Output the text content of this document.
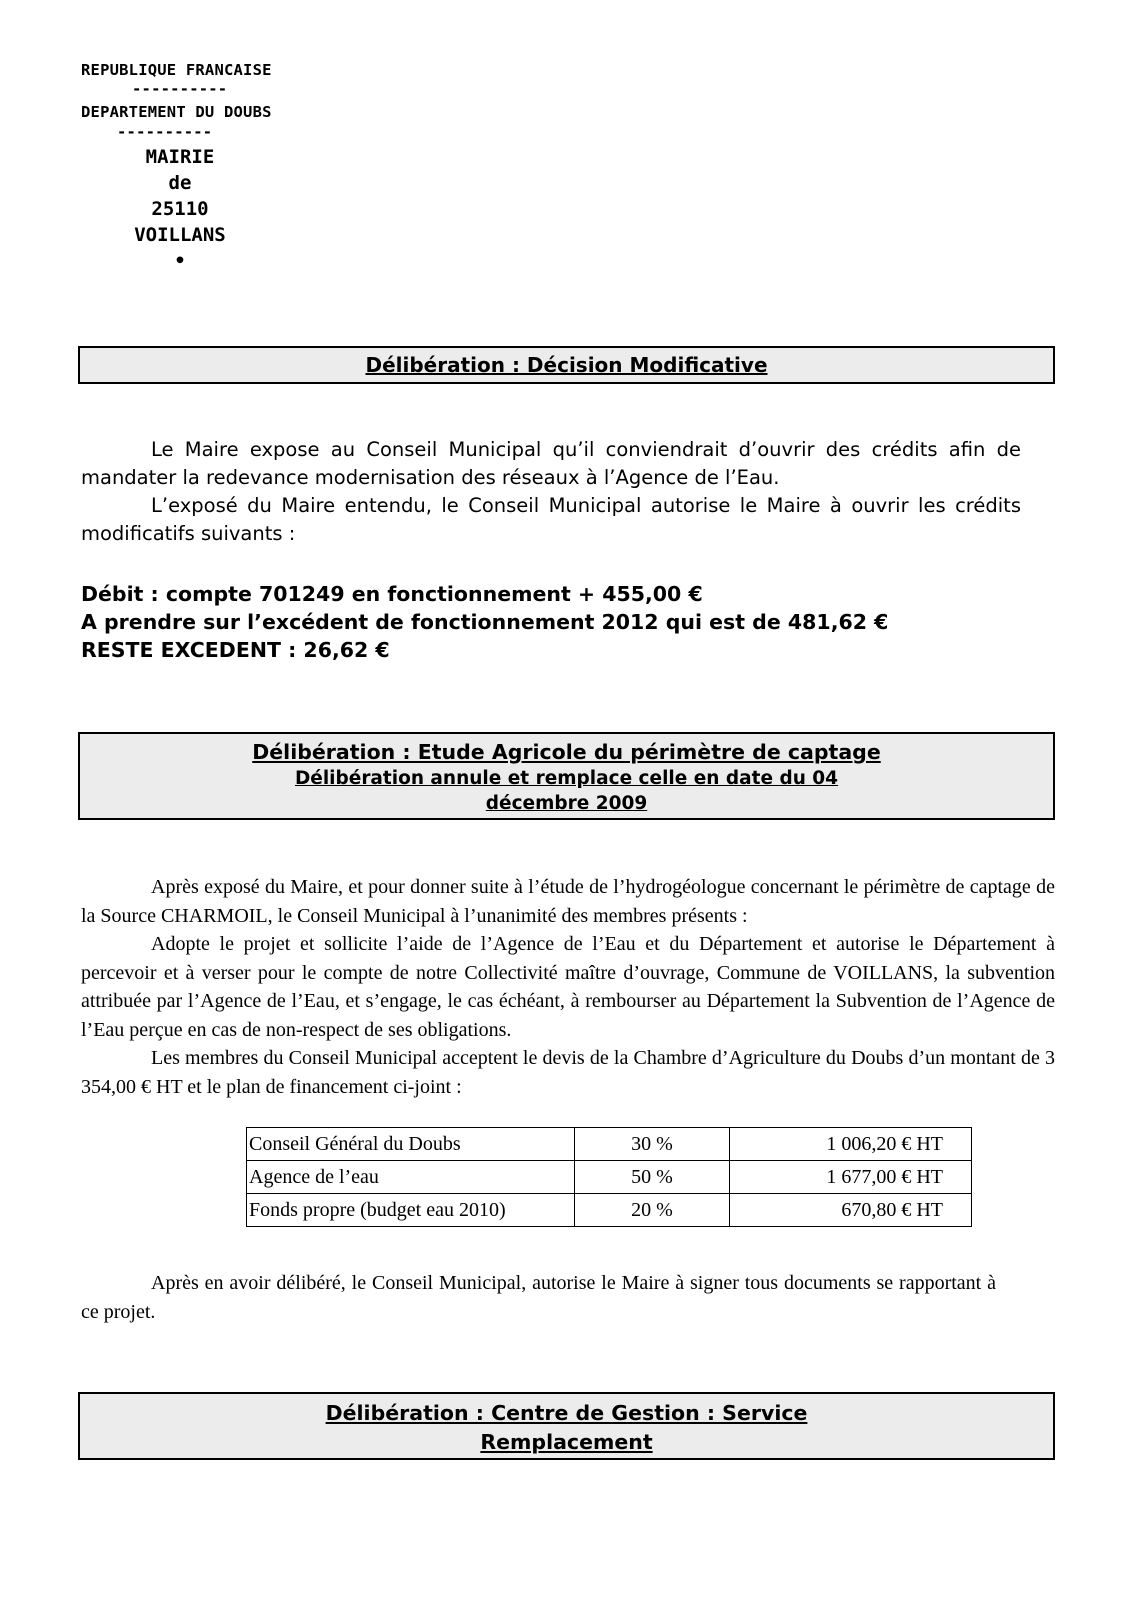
REPUBLIQUE FRANCAISE
----------
DEPARTEMENT DU DOUBS
----------
MAIRIE
de
25110
VOILLANS
•
Délibération : Décision Modificative
Le Maire expose au Conseil Municipal qu’il conviendrait d’ouvrir des crédits afin de mandater la redevance modernisation des réseaux à l’Agence de l’Eau.
L’exposé du Maire entendu, le Conseil Municipal autorise le Maire à ouvrir les crédits modificatifs suivants :
Débit : compte 701249 en fonctionnement + 455,00 €
A prendre sur l’excédent de fonctionnement 2012 qui est de 481,62 €
RESTE EXCEDENT : 26,62 €
Délibération : Etude Agricole du périmètre de captage
Délibération annule et remplace celle en date du 04
décembre 2009
Après exposé du Maire, et pour donner suite à l’étude de l’hydrogéologue concernant le périmètre de captage de la Source CHARMOIL, le Conseil Municipal à l’unanimité des membres présents :
Adopte le projet et sollicite l’aide de l’Agence de l’Eau et du Département et autorise le Département à percevoir et à verser pour le compte de notre Collectivité maître d’ouvrage, Commune de VOILLANS, la subvention attribuée par l’Agence de l’Eau, et s’engage, le cas échéant, à rembourser au Département la Subvention de l’Agence de l’Eau perçue en cas de non-respect de ses obligations.
Les membres du Conseil Municipal acceptent le devis de la Chambre d’Agriculture du Doubs d’un montant de 3 354,00 € HT et le plan de financement ci-joint :
Conseil Général du Doubs	30 %	1 006,20 € HT
Agence de l’eau	50 %	1 677,00 € HT
Fonds propre (budget eau 2010)	20 %	670,80 € HT
Après en avoir délibéré, le Conseil Municipal, autorise le Maire à signer tous documents se rapportant à ce projet.
Délibération : Centre de Gestion : Service
Remplacement
